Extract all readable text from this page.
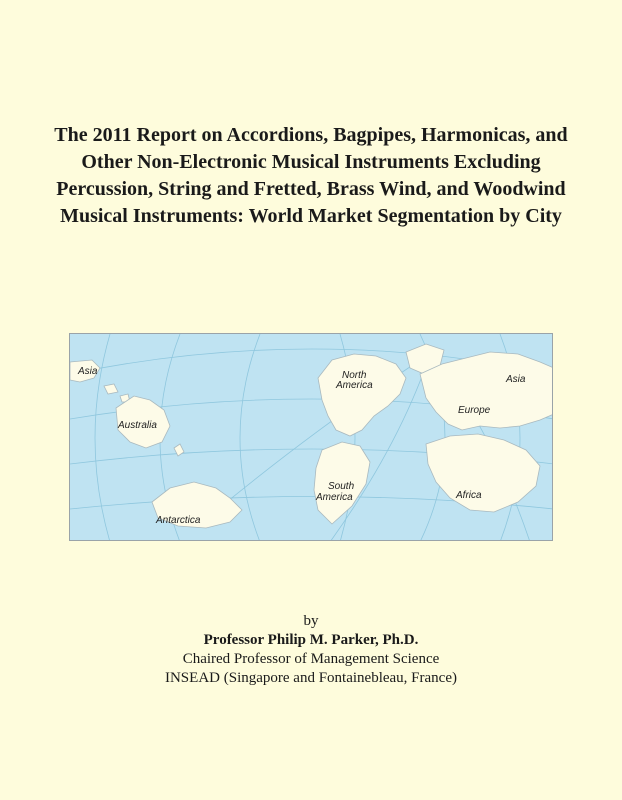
The 2011 Report on Accordions, Bagpipes, Harmonicas, and Other Non-Electronic Musical Instruments Excluding Percussion, String and Fretted, Brass Wind, and Woodwind Musical Instruments: World Market Segmentation by City
Asia
Australia
Antarctica
North
America
South
America
Asia
Europe
Africa
by
Professor Philip M. Parker, Ph.D.
Chaired Professor of Management Science
INSEAD (Singapore and Fontainebleau, France)
